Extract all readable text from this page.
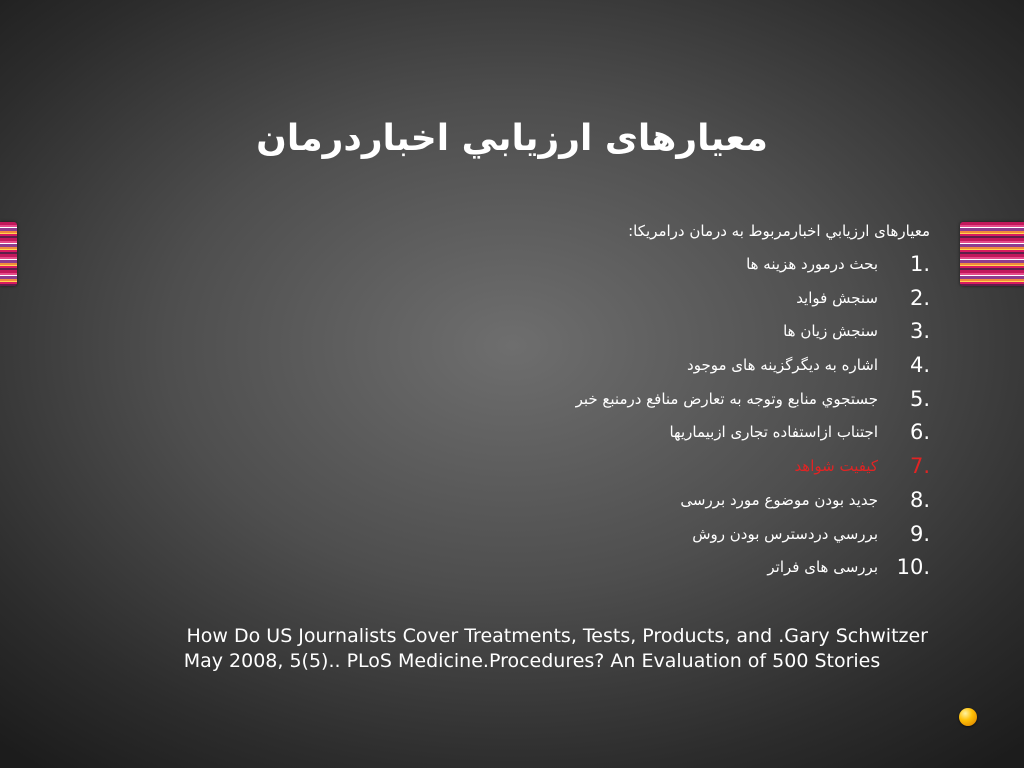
معیارهای ارزيابي اخباردرمان
معیارهای ارزيابي اخبارمربوط به درمان درامريكا:
1.
بحث درمورد هزینه ها
2.
سنجش فواید
3.
سنجش زيان ها
4.
اشاره به ديگرگزينه های موجود
5.
جستجوي منابع وتوجه به تعارض منافع درمنبع خبر
6.
اجتناب ازاستفاده تجاری ازبیماریها
7.
كيفيت شواهد
8.
جديد بودن موضوع مورد بررسی
9.
بررسي دردسترس بودن روش
10.
بررسی های فراتر
How Do US Journalists Cover Treatments, Tests, Products, and .Gary Schwitzer
May 2008, 5(5).. PLoS Medicine.Procedures? An Evaluation of 500 Stories
